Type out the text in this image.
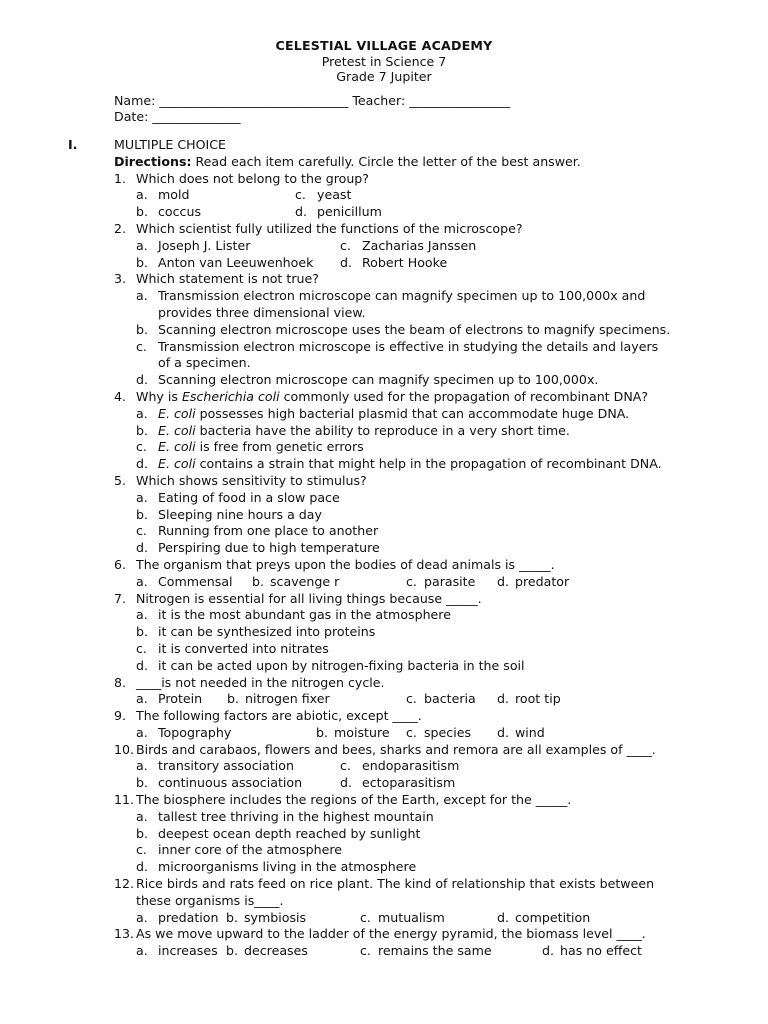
CELESTIAL VILLAGE ACADEMY
Pretest in Science 7
Grade 7 Jupiter
Name: ______________________________ Teacher: ________________
Date: ______________
I.	MULTIPLE CHOICE
Directions: Read each item carefully. Circle the letter of the best answer.
1. Which does not belong to the group?
a. mold	c. yeast
b. coccus	d. penicillum
2. Which scientist fully utilized the functions of the microscope?
a. Joseph J. Lister	c. Zacharias Janssen
b. Anton van Leeuwenhoek d. Robert Hooke
3. Which statement is not true?
a. Transmission electron microscope can magnify specimen up to 100,000x and
provides three dimensional view.
b. Scanning electron microscope uses the beam of electrons to magnify specimens.
c. Transmission electron microscope is effective in studying the details and layers
of a specimen.
d. Scanning electron microscope can magnify specimen up to 100,000x.
4. Why is Escherichia coli commonly used for the propagation of recombinant DNA?
a. E. coli possesses high bacterial plasmid that can accommodate huge DNA.
b. E. coli bacteria have the ability to reproduce in a very short time.
c. E. coli is free from genetic errors
d. E. coli contains a strain that might help in the propagation of recombinant DNA.
5. Which shows sensitivity to stimulus?
a. Eating of food in a slow pace
b. Sleeping nine hours a day
c. Running from one place to another
d. Perspiring due to high temperature
6. The organism that preys upon the bodies of dead animals is _____.
a. Commensal b. scavenge r	c. parasite d. predator
7. Nitrogen is essential for all living things because _____.
a. it is the most abundant gas in the atmosphere
b. it can be synthesized into proteins
c. it is converted into nitrates
d. it can be acted upon by nitrogen-fixing bacteria in the soil
8. ____is not needed in the nitrogen cycle.
a. Protein b. nitrogen fixer	c. bacteria d. root tip
9. The following factors are abiotic, except ____.
a. Topography	b. moisture c. species d. wind
10. Birds and carabaos, flowers and bees, sharks and remora are all examples of ____.
a. transitory association	c. endoparasitism
b. continuous association	d. ectoparasitism
11. The biosphere includes the regions of the Earth, except for the _____.
a. tallest tree thriving in the highest mountain
b. deepest ocean depth reached by sunlight
c. inner core of the atmosphere
d. microorganisms living in the atmosphere
12. Rice birds and rats feed on rice plant. The kind of relationship that exists between
these organisms is____.
a. predation b. symbiosis	c. mutualism	d. competition
13. As we move upward to the ladder of the energy pyramid, the biomass level ____.
a. increases b. decreases	c. remains the same	d. has no effect
